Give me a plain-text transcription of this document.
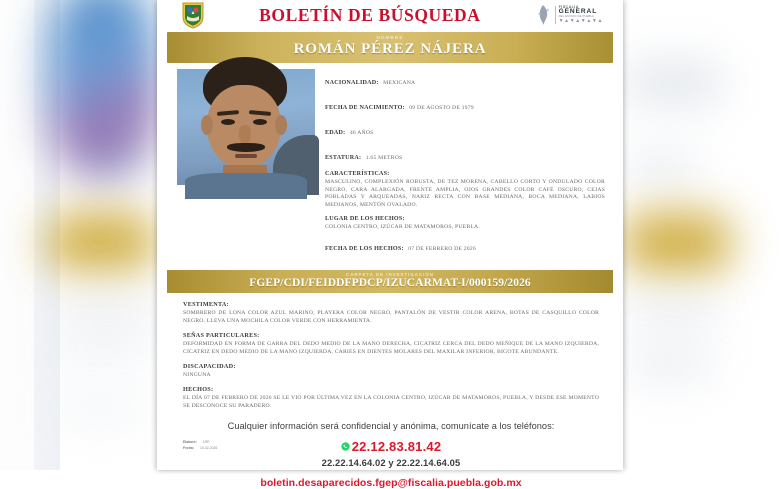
BOLETÍN DE BÚSQUEDA	FISCALÍA
GENERAL
DEL ESTADO DE PUEBLA
▼▲▼▲▼▲▼▲
NOMBRE
ROMÁN PÉREZ NÁJERA
NACIONALIDAD: MEXICANA
FECHA DE NACIMIENTO: 09 DE AGOSTO DE 1979
EDAD: 46 AÑOS
ESTATURA: 1.65 METROS
CARACTERÍSTICAS:
MASCULINO, COMPLEXIÓN ROBUSTA, DE TEZ MORENA, CABELLO CORTO Y ONDULADO COLOR NEGRO, CARA ALARGADA, FRENTE AMPLIA, OJOS GRANDES COLOR CAFÉ OSCURO, CEJAS POBLADAS Y ARQUEADAS, NARIZ RECTA CON BASE MEDIANA, BOCA MEDIANA, LABIOS MEDIANOS, MENTÓN OVALADO.
LUGAR DE LOS HECHOS:
COLONIA CENTRO, IZÚCAR DE MATAMOROS, PUEBLA.
FECHA DE LOS HECHOS: 07 DE FEBRERO DE 2026
CARPETA DE INVESTIGACIÓN
FGEP/CDI/FEIDDFPDCP/IZUCARMAT-I/000159/2026
VESTIMENTA:
SOMBRERO DE LONA COLOR AZUL MARINO, PLAYERA COLOR NEGRO, PANTALÓN DE VESTIR COLOR ARENA, BOTAS DE CASQUILLO COLOR NEGRO. LLEVA UNA MOCHILA COLOR VERDE CON HERRAMIENTA.
SEÑAS PARTICULARES:
DEFORMIDAD EN FORMA DE GARRA DEL DEDO MEDIO DE LA MANO DERECHA, CICATRIZ CERCA DEL DEDO MEÑIQUE DE LA MANO IZQUIERDA, CICATRIZ EN DEDO MEDIO DE LA MANO IZQUIERDA, CARIES EN DIENTES MOLARES DEL MAXILAR INFERIOR, BIGOTE ABUNDANTE.
DISCAPACIDAD:
NINGUNA
HECHOS:
EL DÍA 07 DE FEBRERO DE 2026 SE LE VIO POR ÚLTIMA VEZ EN LA COLONIA CENTRO, IZÚCAR DE MATAMOROS, PUEBLA, Y DESDE ESE MOMENTO SE DESCONOCE SU PARADERO.
Cualquier información será confidencial y anónima, comunícate a los teléfonos:
Elaboró: LRR
Fecha: 10-02-2026	22.12.83.81.42
22.22.14.64.02 y 22.22.14.64.05
boletin.desaparecidos.fgep@fiscalia.puebla.gob.mx
